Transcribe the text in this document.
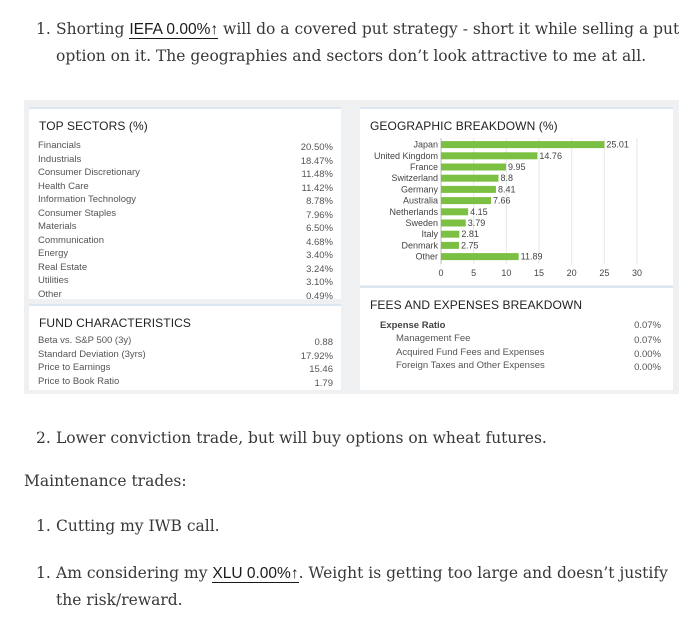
1. Shorting IEFA 0.00%↑ will do a covered put strategy - short it while selling a put
option on it. The geographies and sectors don’t look attractive to me at all.
TOP SECTORS (%)
Financials	20.50%
Industrials	18.47%
Consumer Discretionary	11.48%
Health Care	11.42%
Information Technology	8.78%
Consumer Staples	7.96%
Materials	6.50%
Communication	4.68%
Energy	3.40%
Real Estate	3.24%
Utilities	3.10%
Other	0.49%
FUND CHARACTERISTICS
Beta vs. S&P 500 (3y)	0.88
Standard Deviation (3yrs)	17.92%
Price to Earnings	15.46
Price to Book Ratio	1.79
GEOGRAPHIC BREAKDOWN (%)
0	5	10	15	20	25	30
Japan	25.01
United Kingdom	14.76
France	9.95
Switzerland	8.8
Germany	8.41
Australia	7.66
Netherlands	4.15
Sweden	3.79
Italy	2.81
Denmark	2.75
Other	11.89
FEES AND EXPENSES BREAKDOWN
Expense Ratio	0.07%
Management Fee	0.07%
Acquired Fund Fees and Expenses	0.00%
Foreign Taxes and Other Expenses	0.00%
2. Lower conviction trade, but will buy options on wheat futures.
Maintenance trades:
1. Cutting my IWB call.
1. Am considering my XLU 0.00%↑. Weight is getting too large and doesn’t justify
the risk/reward.
